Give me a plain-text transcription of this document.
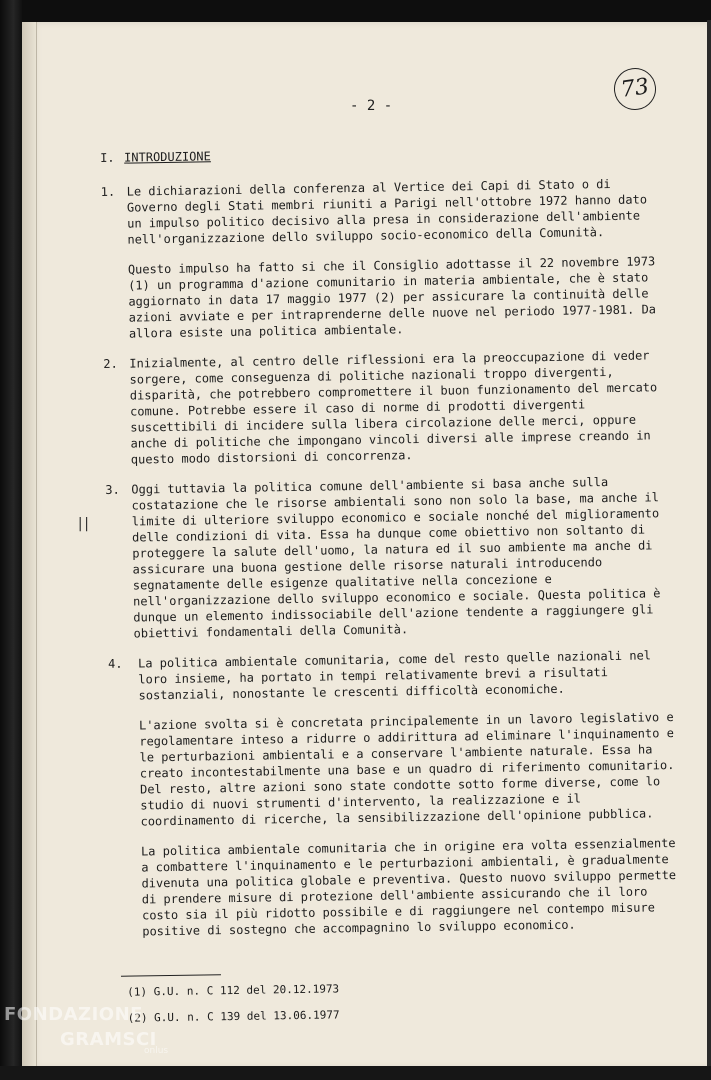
73
- 2 -
||
I. INTRODUZIONE
1. Le dichiarazioni della conferenza al Vertice dei Capi di Stato o di Governo degli Stati membri riuniti a Parigi nell'ottobre 1972 hanno dato un impulso politico decisivo alla presa in considerazione dell'ambiente nell'organizzazione dello sviluppo socio-economico della Comunità.
Questo impulso ha fatto si che il Consiglio adottasse il 22 novembre 1973 (1) un programma d'azione comunitario in materia ambientale, che è stato aggiornato in data 17 maggio 1977 (2) per assicurare la continuità delle azioni avviate e per intraprenderne delle nuove nel periodo 1977-1981. Da allora esiste una politica ambientale.
2. Inizialmente, al centro delle riflessioni era la preoccupazione di veder sorgere, come conseguenza di politiche nazionali troppo divergenti, disparità, che potrebbero compromettere il buon funzionamento del mercato comune. Potrebbe essere il caso di norme di prodotti divergenti suscettibili di incidere sulla libera circolazione delle merci, oppure anche di politiche che impongano vincoli diversi alle imprese creando in questo modo distorsioni di concorrenza.
3. Oggi tuttavia la politica comune dell'ambiente si basa anche sulla costatazione che le risorse ambientali sono non solo la base, ma anche il limite di ulteriore sviluppo economico e sociale nonché del miglioramento delle condizioni di vita. Essa ha dunque come obiettivo non soltanto di proteggere la salute dell'uomo, la natura ed il suo ambiente ma anche di assicurare una buona gestione delle risorse naturali introducendo segnatamente delle esigenze qualitative nella concezione e nell'organizzazione dello sviluppo economico e sociale. Questa politica è dunque un elemento indissociabile dell'azione tendente a raggiungere gli obiettivi fondamentali della Comunità.
4. La politica ambientale comunitaria, come del resto quelle nazionali nel loro insieme, ha portato in tempi relativamente brevi a risultati sostanziali, nonostante le crescenti difficoltà economiche.
L'azione svolta si è concretata principalemente in un lavoro legislativo e regolamentare inteso a ridurre o addirittura ad eliminare l'inquinamento e le perturbazioni ambientali e a conservare l'ambiente naturale. Essa ha creato incontestabilmente una base e un quadro di riferimento comunitario. Del resto, altre azioni sono state condotte sotto forme diverse, come lo studio di nuovi strumenti d'intervento, la realizzazione e il coordinamento di ricerche, la sensibilizzazione dell'opinione pubblica.
La politica ambientale comunitaria che in origine era volta essenzialmente a combattere l'inquinamento e le perturbazioni ambientali, è gradualmente divenuta una politica globale e preventiva. Questo nuovo sviluppo permette di prendere misure di protezione dell'ambiente assicurando che il loro costo sia il più ridotto possibile e di raggiungere nel contempo misure positive di sostegno che accompagnino lo sviluppo economico.
(1) G.U. n. C 112 del 20.12.1973
(2) G.U. n. C 139 del 13.06.1977
FONDAZIONE
GRAMSCI
onlus
